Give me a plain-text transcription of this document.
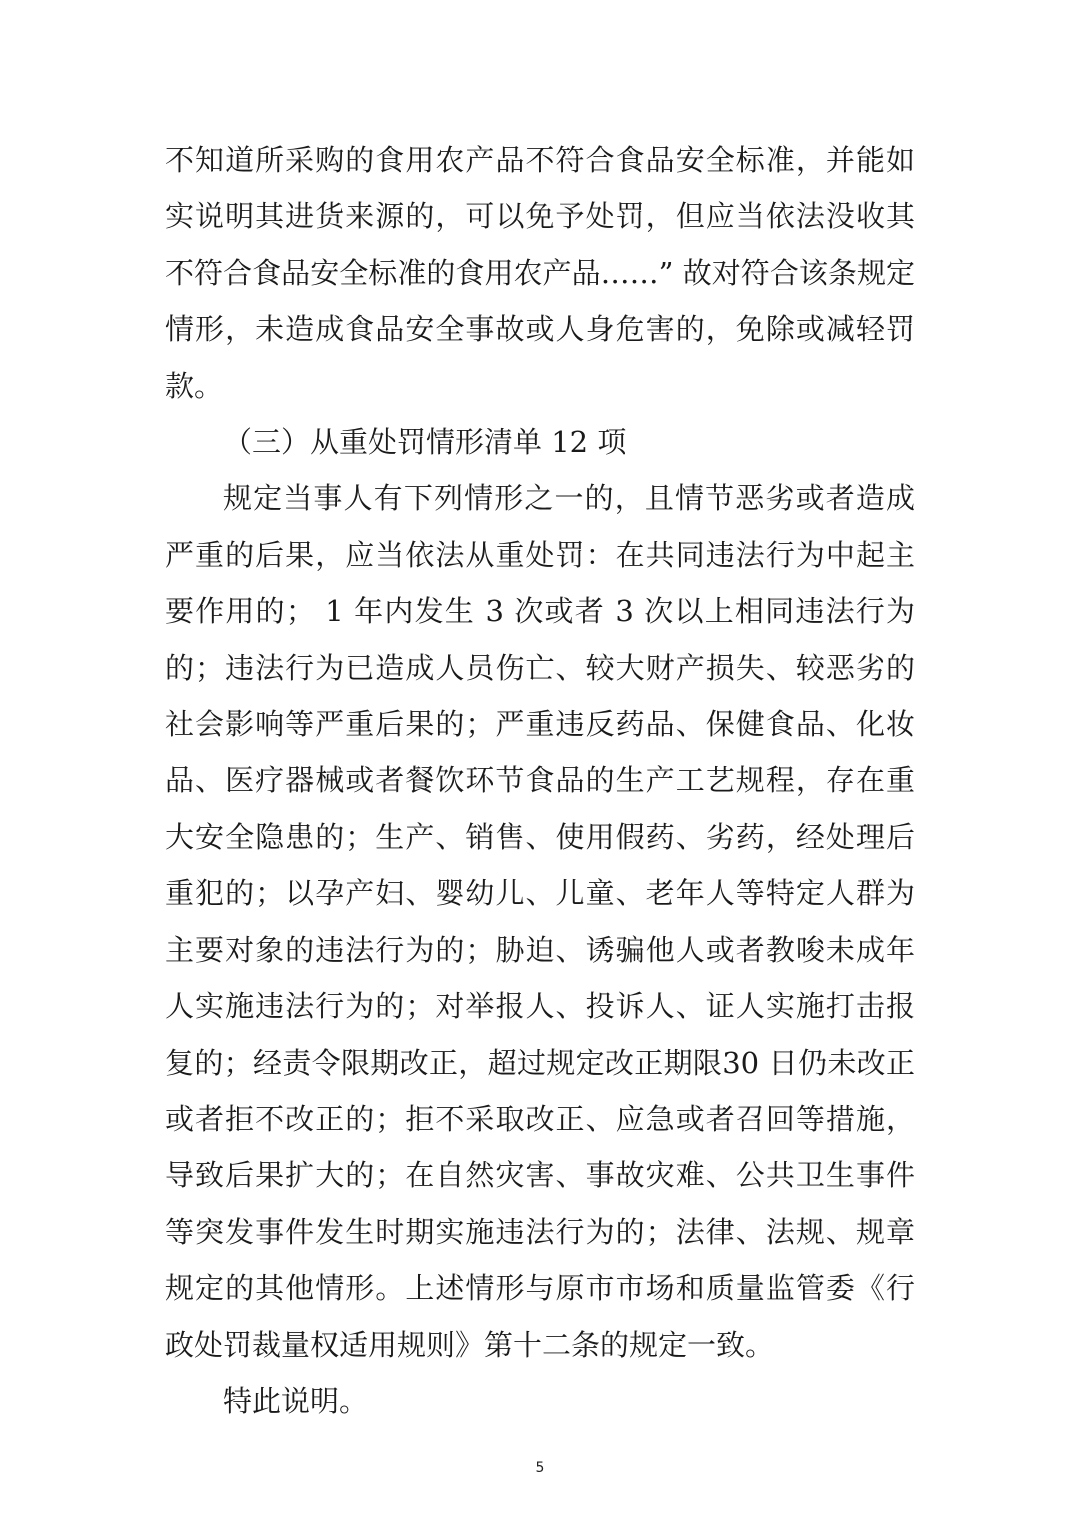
不知道所采购的食用农产品不符合食品安全标准，并能如实说明其进货来源的，可以免予处罚，但应当依法没收其不符合食品安全标准的食用农产品……” 故对符合该条规定情形，未造成食品安全事故或人身危害的，免除或减轻罚款。

（三）从重处罚情形清单 12 项

规定当事人有下列情形之一的，且情节恶劣或者造成严重的后果，应当依法从重处罚：在共同违法行为中起主要作用的； 1 年内发生 3 次或者 3 次以上相同违法行为的；违法行为已造成人员伤亡、较大财产损失、较恶劣的社会影响等严重后果的；严重违反药品、保健食品、化妆品、医疗器械或者餐饮环节食品的生产工艺规程，存在重大安全隐患的；生产、销售、使用假药、劣药，经处理后重犯的；以孕产妇、婴幼儿、儿童、老年人等特定人群为主要对象的违法行为的；胁迫、诱骗他人或者教唆未成年人实施违法行为的；对举报人、投诉人、证人实施打击报复的；经责令限期改正，超过规定改正期限30 日仍未改正或者拒不改正的；拒不采取改正、应急或者召回等措施，导致后果扩大的；在自然灾害、事故灾难、公共卫生事件等突发事件发生时期实施违法行为的；法律、法规、规章规定的其他情形。上述情形与原市市场和质量监管委《行政处罚裁量权适用规则》第十二条的规定一致。

特此说明。

5
